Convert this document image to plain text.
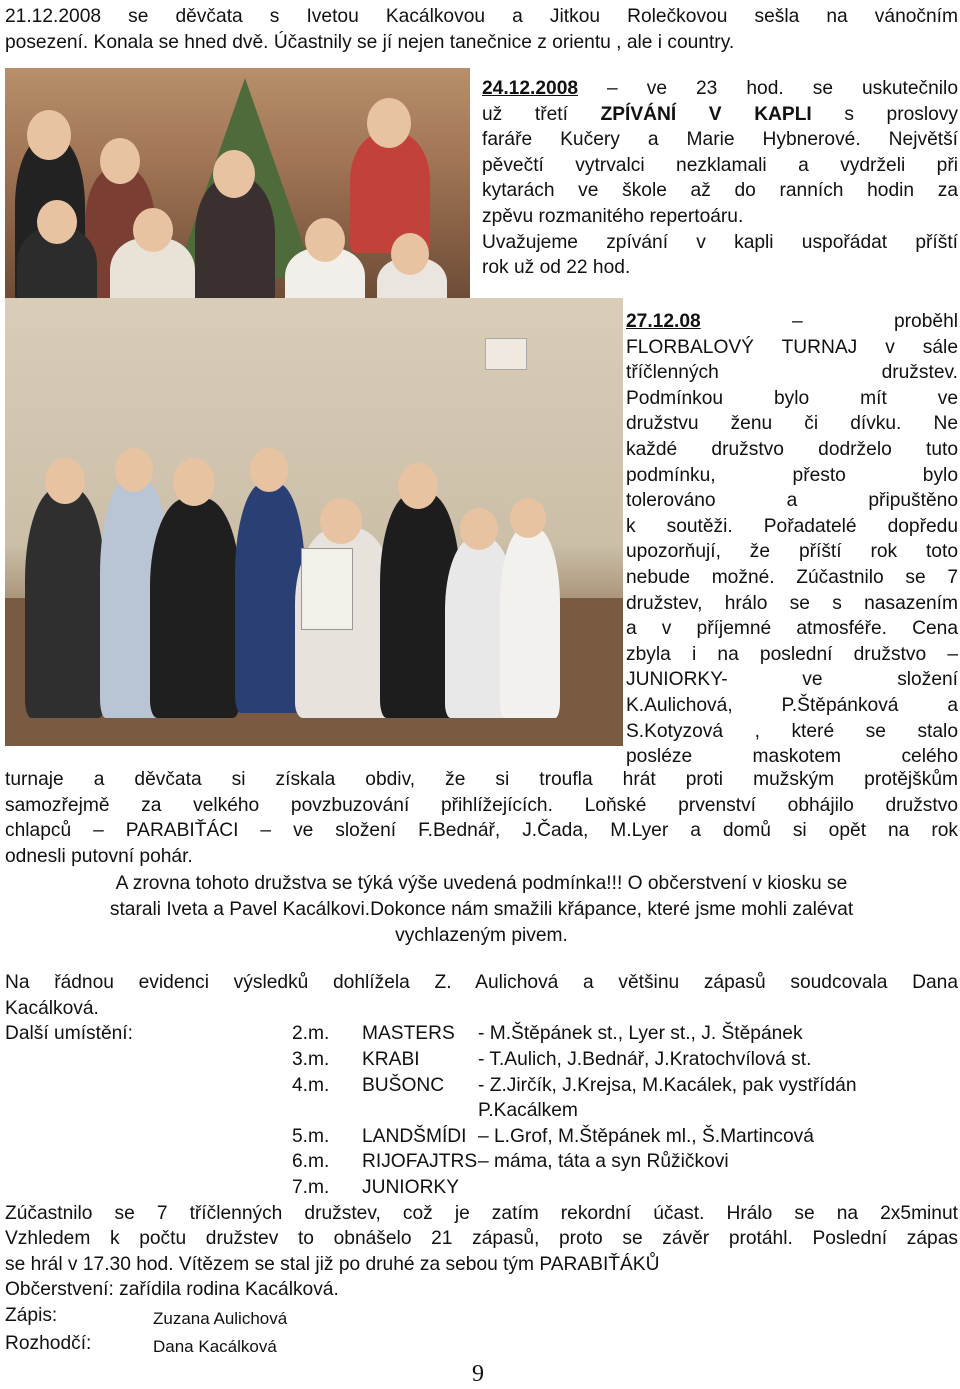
21.12.2008 se děvčata s Ivetou Kacálkovou a Jitkou Rolečkovou sešla na vánočním
posezení. Konala se hned dvě. Účastnily se jí nejen tanečnice z orientu , ale i country.
24.12.2008 – ve 23 hod. se uskutečnilo
už třetí ZPÍVÁNÍ V KAPLI s proslovy
faráře Kučery a Marie Hybnerové. Největší
pěvečtí vytrvalci nezklamali a vydrželi při
kytarách ve škole až do ranních hodin za
zpěvu rozmanitého repertoáru.
Uvažujeme zpívání v kapli uspořádat příští
rok už od 22 hod.
27.12.08 – proběhl
FLORBALOVÝ TURNAJ v sále
tříčlenných družstev.
Podmínkou bylo mít ve
družstvu ženu či dívku. Ne
každé družstvo dodrželo tuto
podmínku, přesto bylo
tolerováno a připuštěno
k soutěži. Pořadatelé dopředu
upozorňují, že příští rok toto
nebude možné. Zúčastnilo se 7
družstev, hrálo se s nasazením
a v příjemné atmosféře. Cena
zbyla i na poslední družstvo –
JUNIORKY- ve složení
K.Aulichová, P.Štěpánková a
S.Kotyzová , které se stalo
posléze maskotem celého
turnaje a děvčata si získala obdiv, že si troufla hrát proti mužským protějškům
samozřejmě za velkého povzbuzování přihlížejících. Loňské prvenství obhájilo družstvo
chlapců – PARABIŤÁCI – ve složení F.Bednář, J.Čada, M.Lyer a domů si opět na rok
odnesli putovní pohár.
A zrovna tohoto družstva se týká výše uvedená podmínka!!! O občerstvení v kiosku se
starali Iveta a Pavel Kacálkovi.Dokonce nám smažili křápance, které jsme mohli zalévat
vychlazeným pivem.
Na řádnou evidenci výsledků dohlížela Z. Aulichová a většinu zápasů soudcovala Dana
Kacálková.
Další umístění:	2.m.	MASTERS	- M.Štěpánek st., Lyer st., J. Štěpánek
3.m.	KRABI	- T.Aulich, J.Bednář, J.Kratochvílová st.
4.m.	BUŠONC	- Z.Jirčík, J.Krejsa, M.Kacálek, pak vystřídán
P.Kacálkem
5.m.	LANDŠMÍDI – L.Grof, M.Štěpánek ml., Š.Martincová
6.m.	RIJOFAJTRS – máma, táta a syn Růžičkovi
7.m.	JUNIORKY
Zúčastnilo se 7 tříčlenných družstev, což je zatím rekordní účast. Hrálo se na 2x5minut
Vzhledem k počtu družstev to obnášelo 21 zápasů, proto se závěr protáhl. Poslední zápas
se hrál v 17.30 hod. Vítězem se stal již po druhé za sebou tým PARABIŤÁKŮ
Občerstvení: zařídila rodina Kacálková.
Zápis:	Zuzana Aulichová
Rozhodčí:	Dana Kacálková
9
